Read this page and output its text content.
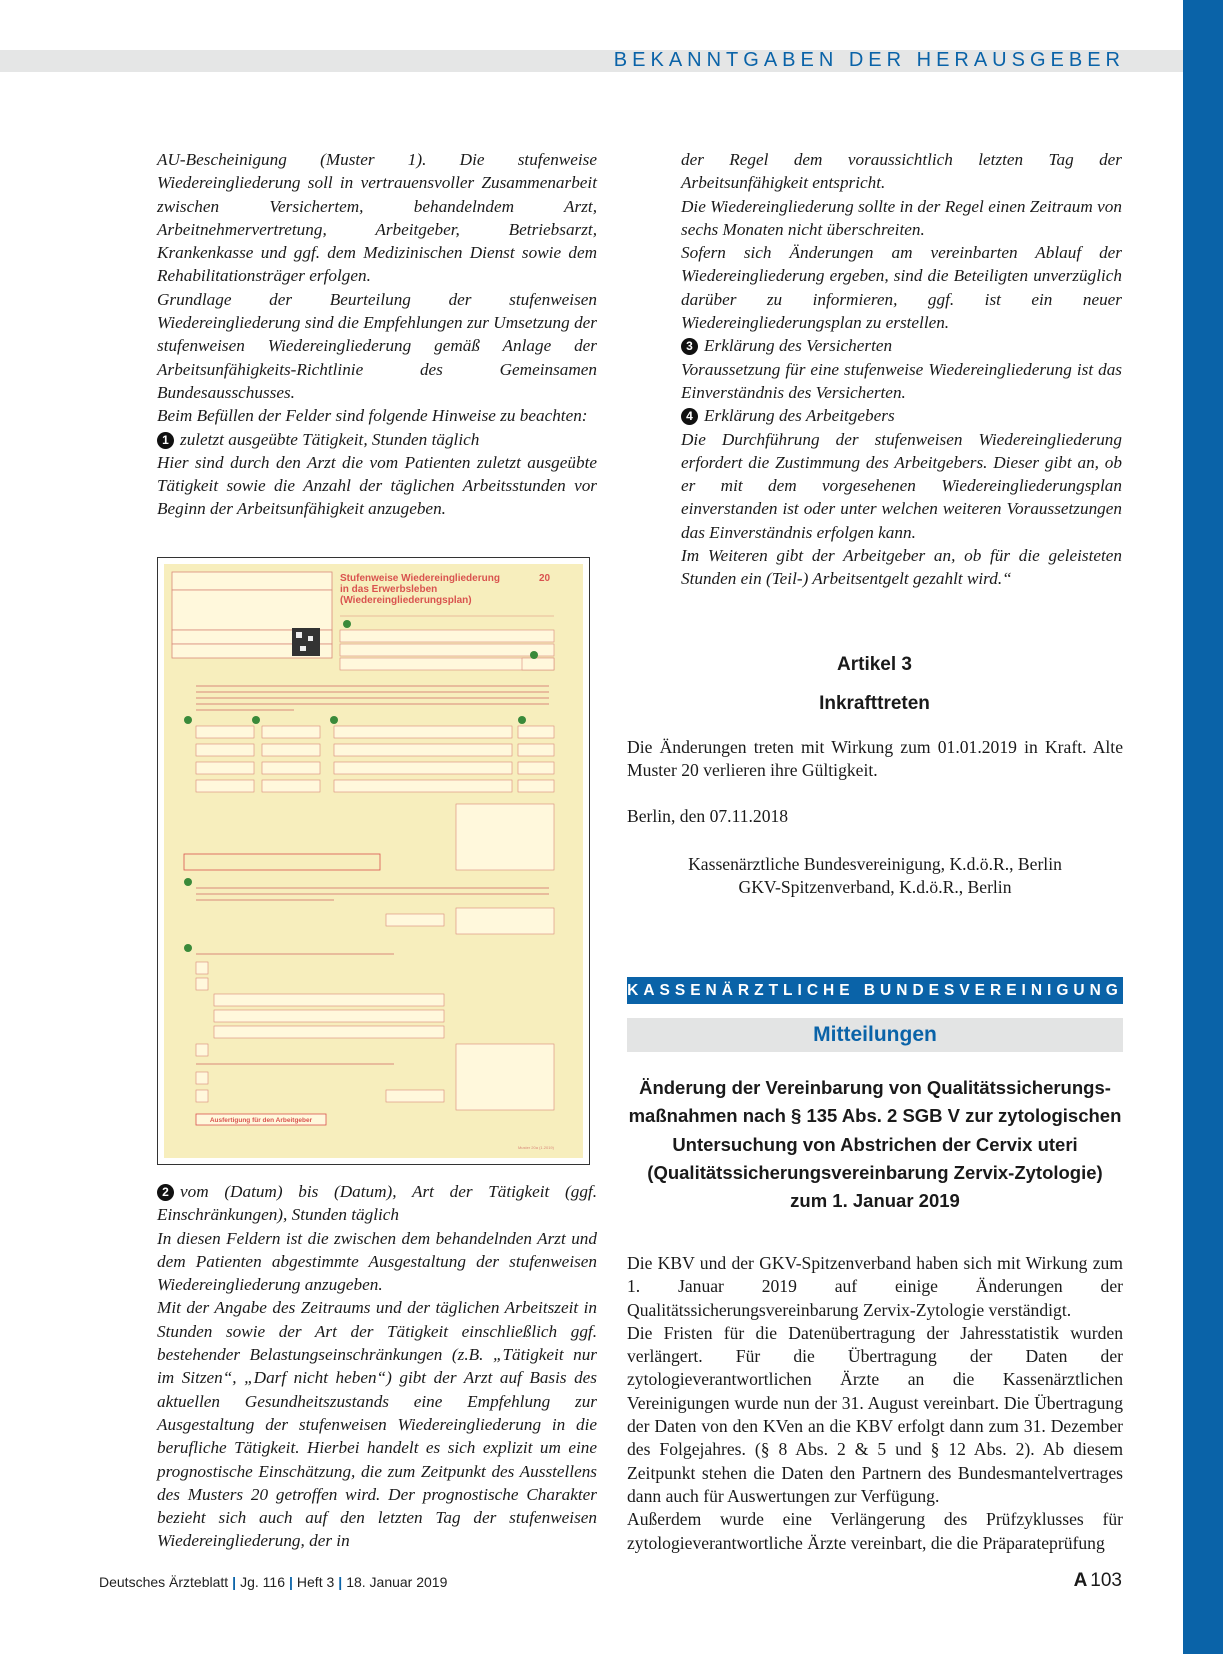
BEKANNTGABEN DER HERAUSGEBER

AU-Bescheinigung (Muster 1). Die stufenweise Wiedereingliederung soll in vertrauensvoller Zusammenarbeit zwischen Versichertem, behandelndem Arzt, Arbeitnehmervertretung, Arbeitgeber, Betriebsarzt, Krankenkasse und ggf. dem Medizinischen Dienst sowie dem Rehabilitationsträger erfolgen.

Grundlage der Beurteilung der stufenweisen Wiedereingliederung sind die Empfehlungen zur Umsetzung der stufenweisen Wiedereingliederung gemäß Anlage der Arbeitsunfähigkeits-Richtlinie des Gemeinsamen Bundesausschusses.

Beim Befüllen der Felder sind folgende Hinweise zu beachten:

1 zuletzt ausgeübte Tätigkeit, Stunden täglich

Hier sind durch den Arzt die vom Patienten zuletzt ausgeübte Tätigkeit sowie die Anzahl der täglichen Arbeitsstunden vor Beginn der Arbeitsunfähigkeit anzugeben.

Stufenweise Wiedereingliederung
in das Erwerbsleben
(Wiedereingliederungsplan)
20
Ausfertigung für den Arbeitgeber
Muster 20a (1.2019)

2 vom (Datum) bis (Datum), Art der Tätigkeit (ggf. Einschränkungen), Stunden täglich

In diesen Feldern ist die zwischen dem behandelnden Arzt und dem Patienten abgestimmte Ausgestaltung der stufenweisen Wiedereingliederung anzugeben.

Mit der Angabe des Zeitraums und der täglichen Arbeitszeit in Stunden sowie der Art der Tätigkeit einschließlich ggf. bestehender Belastungseinschränkungen (z.B. „Tätigkeit nur im Sitzen“, „Darf nicht heben“) gibt der Arzt auf Basis des aktuellen Gesundheitszustands eine Empfehlung zur Ausgestaltung der stufenweisen Wiedereingliederung in die berufliche Tätigkeit. Hierbei handelt es sich explizit um eine prognostische Einschätzung, die zum Zeitpunkt des Ausstellens des Musters 20 getroffen wird. Der prognostische Charakter bezieht sich auch auf den letzten Tag der stufenweisen Wiedereingliederung, der in

der Regel dem voraussichtlich letzten Tag der Arbeitsunfähigkeit entspricht.

Die Wiedereingliederung sollte in der Regel einen Zeitraum von sechs Monaten nicht überschreiten.

Sofern sich Änderungen am vereinbarten Ablauf der Wiedereingliederung ergeben, sind die Beteiligten unverzüglich darüber zu informieren, ggf. ist ein neuer Wiedereingliederungsplan zu erstellen.

3 Erklärung des Versicherten

Voraussetzung für eine stufenweise Wiedereingliederung ist das Einverständnis des Versicherten.

4 Erklärung des Arbeitgebers

Die Durchführung der stufenweisen Wiedereingliederung erfordert die Zustimmung des Arbeitgebers. Dieser gibt an, ob er mit dem vorgesehenen Wiedereingliederungsplan einverstanden ist oder unter welchen weiteren Voraussetzungen das Einverständnis erfolgen kann.

Im Weiteren gibt der Arbeitgeber an, ob für die geleisteten Stunden ein (Teil-) Arbeitsentgelt gezahlt wird.“

Artikel 3
Inkrafttreten
Die Änderungen treten mit Wirkung zum 01.01.2019 in Kraft. Alte Muster 20 verlieren ihre Gültigkeit.
Berlin, den 07.11.2018
Kassenärztliche Bundesvereinigung, K.d.ö.R., Berlin
GKV-Spitzenverband, K.d.ö.R., Berlin
KASSENÄRZTLICHE BUNDESVEREINIGUNG
Mitteilungen
Änderung der Vereinbarung von Qualitätssicherungs-
maßnahmen nach § 135 Abs. 2 SGB V zur zytologischen
Untersuchung von Abstrichen der Cervix uteri
(Qualitätssicherungsvereinbarung Zervix-Zytologie)
zum 1. Januar 2019

Die KBV und der GKV-Spitzenverband haben sich mit Wirkung zum 1. Januar 2019 auf einige Änderungen der Qualitätssicherungsvereinbarung Zervix-Zytologie verständigt.

Die Fristen für die Datenübertragung der Jahresstatistik wurden verlängert. Für die Übertragung der Daten der zytologieverantwortlichen Ärzte an die Kassenärztlichen Vereinigungen wurde nun der 31. August vereinbart. Die Übertragung der Daten von den KVen an die KBV erfolgt dann zum 31. Dezember des Folgejahres. (§ 8 Abs. 2 & 5 und § 12 Abs. 2). Ab diesem Zeitpunkt stehen die Daten den Partnern des Bundesmantelvertrages dann auch für Auswertungen zur Verfügung.

Außerdem wurde eine Verlängerung des Prüfzyklusses für zytologieverantwortliche Ärzte vereinbart, die die Präparateprüfung

Deutsches Ärzteblatt | Jg. 116 | Heft 3 | 18. Januar 2019	A 103
